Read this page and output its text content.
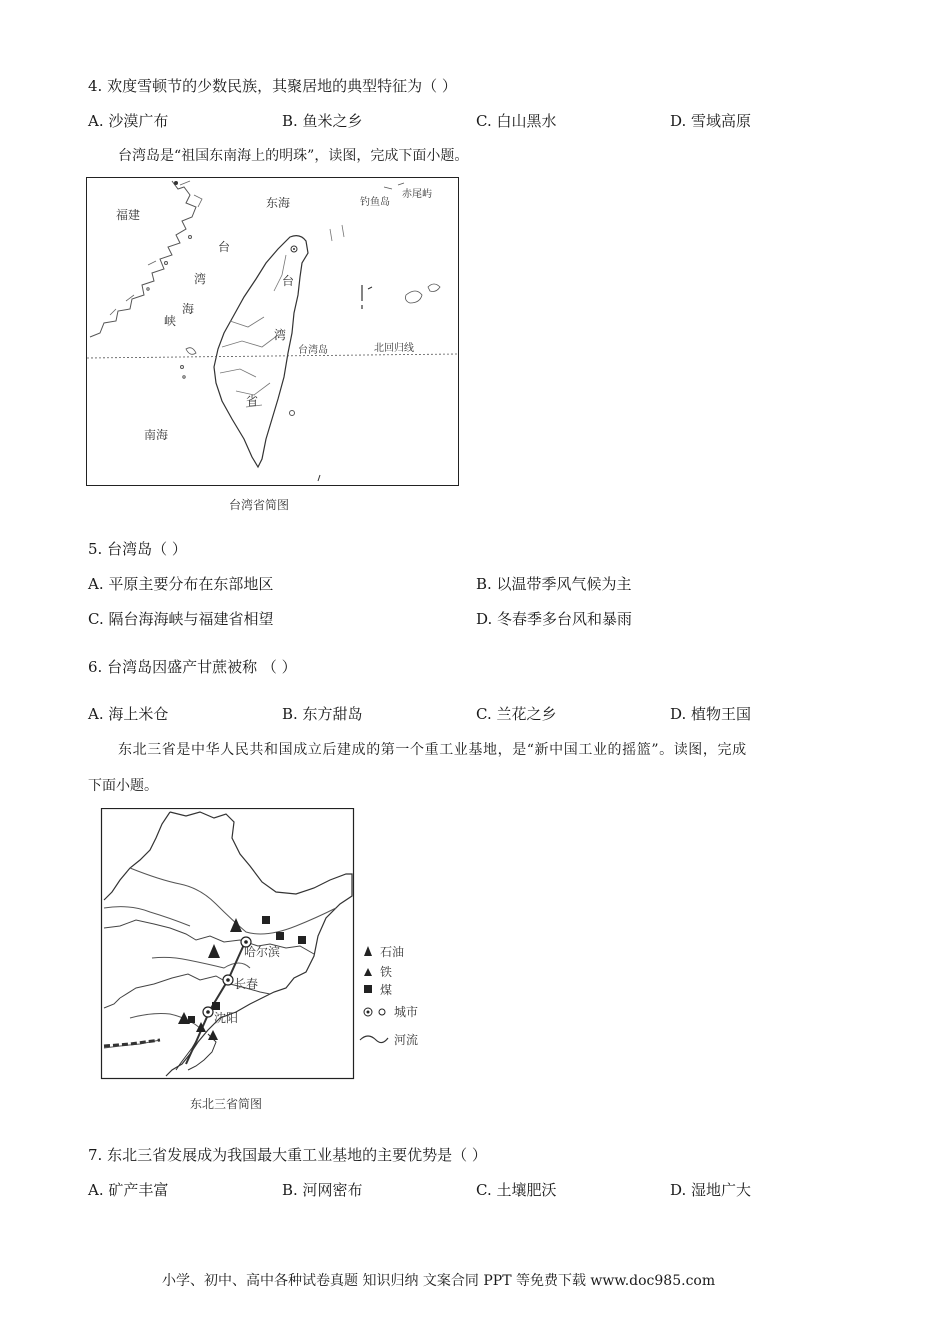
4. 欢度雪顿节的少数民族，其聚居地的典型特征为（ ）
A. 沙漠广布	B. 鱼米之乡	C. 白山黑水	D. 雪域高原
台湾岛是“祖国东南海上的明珠”，读图，完成下面小题。
福建
东海	钓鱼岛
赤尾屿
台
湾
海
峡
台
湾
省
台湾岛	北回归线
南海
台湾省简图
5. 台湾岛（ ）
A. 平原主要分布在东部地区	B. 以温带季风气候为主
C. 隔台海海峡与福建省相望	D. 冬春季多台风和暴雨
6. 台湾岛因盛产甘蔗被称 （ ）
A. 海上米仓	B. 东方甜岛	C. 兰花之乡	D. 植物王国
东北三省是中华人民共和国成立后建成的第一个重工业基地，是“新中国工业的摇篮”。读图，完成
下面小题。
哈尔滨
长春
沈阳
石油
铁
煤
城市
河流
东北三省简图
7. 东北三省发展成为我国最大重工业基地的主要优势是（ ）
A. 矿产丰富	B. 河网密布	C. 土壤肥沃	D. 湿地广大
小学、初中、高中各种试卷真题 知识归纳 文案合同 PPT 等免费下载 www.doc985.com
